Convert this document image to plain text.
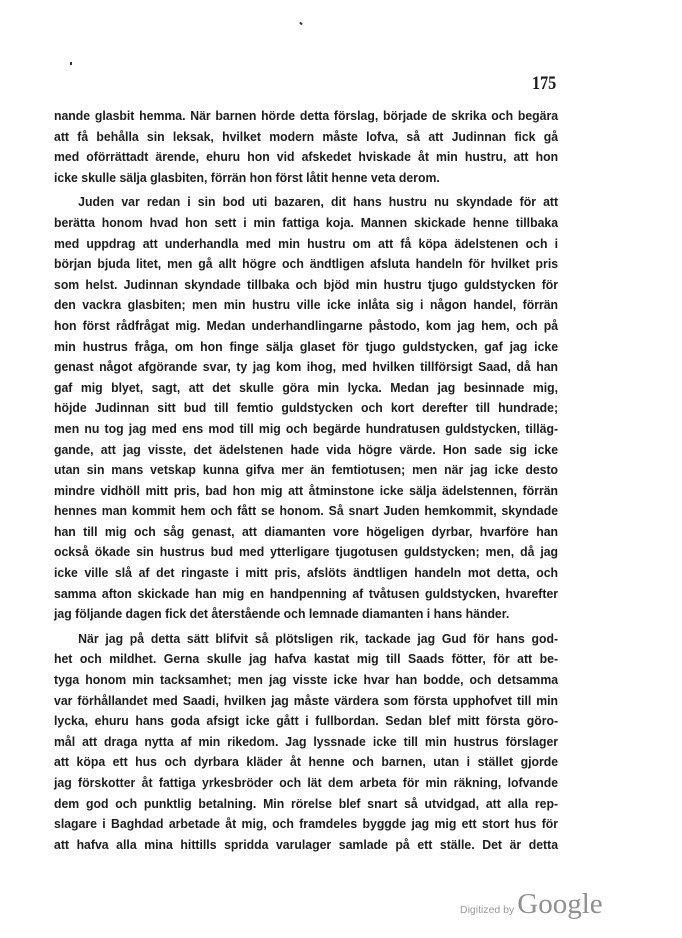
175
nande glasbit hemma. När barnen hörde detta förslag, började de skrika och begära
att få behålla sin leksak, hvilket modern måste lofva, så att Judinnan fick gå
med oförrättadt ärende, ehuru hon vid afskedet hviskade åt min hustru, att hon
icke skulle sälja glasbiten, förrän hon först låtit henne veta derom.
Juden var redan i sin bod uti bazaren, dit hans hustru nu skyndade för att
berätta honom hvad hon sett i min fattiga koja. Mannen skickade henne tillbaka
med uppdrag att underhandla med min hustru om att få köpa ädelstenen och i
början bjuda litet, men gå allt högre och ändtligen afsluta handeln för hvilket pris
som helst. Judinnan skyndade tillbaka och bjöd min hustru tjugo guldstycken för
den vackra glasbiten; men min hustru ville icke inlåta sig i någon handel, förrän
hon först rådfrågat mig. Medan underhandlingarne påstodo, kom jag hem, och på
min hustrus fråga, om hon finge sälja glaset för tjugo guldstycken, gaf jag icke
genast något afgörande svar, ty jag kom ihog, med hvilken tillförsigt Saad, då han
gaf mig blyet, sagt, att det skulle göra min lycka. Medan jag besinnade mig,
höjde Judinnan sitt bud till femtio guldstycken och kort derefter till hundrade;
men nu tog jag med ens mod till mig och begärde hundratusen guldstycken, tilläg-
gande, att jag visste, det ädelstenen hade vida högre värde. Hon sade sig icke
utan sin mans vetskap kunna gifva mer än femtiotusen; men när jag icke desto
mindre vidhöll mitt pris, bad hon mig att åtminstone icke sälja ädelstennen, förrän
hennes man kommit hem och fått se honom. Så snart Juden hemkommit, skyndade
han till mig och såg genast, att diamanten vore högeligen dyrbar, hvarföre han
också ökade sin hustrus bud med ytterligare tjugotusen guldstycken; men, då jag
icke ville slå af det ringaste i mitt pris, afslöts ändtligen handeln mot detta, och
samma afton skickade han mig en handpenning af tvåtusen guldstycken, hvarefter
jag följande dagen fick det återstående och lemnade diamanten i hans händer.
När jag på detta sätt blifvit så plötsligen rik, tackade jag Gud för hans god-
het och mildhet. Gerna skulle jag hafva kastat mig till Saads fötter, för att be-
tyga honom min tacksamhet; men jag visste icke hvar han bodde, och detsamma
var förhållandet med Saadi, hvilken jag måste värdera som första upphofvet till min
lycka, ehuru hans goda afsigt icke gått i fullbordan. Sedan blef mitt första göro-
mål att draga nytta af min rikedom. Jag lyssnade icke till min hustrus förslager
att köpa ett hus och dyrbara kläder åt henne och barnen, utan i stället gjorde
jag förskotter åt fattiga yrkesbröder och lät dem arbeta för min räkning, lofvande
dem god och punktlig betalning. Min rörelse blef snart så utvidgad, att alla rep-
slagare i Baghdad arbetade åt mig, och framdeles byggde jag mig ett stort hus för
att hafva alla mina hittills spridda varulager samlade på ett ställe. Det är detta
Digitized by Google
